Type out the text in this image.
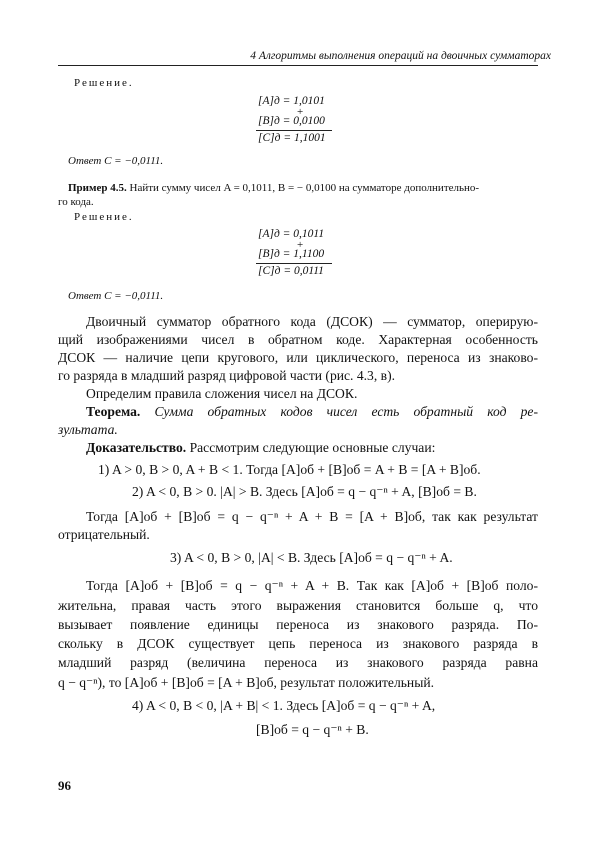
4 Алгоритмы выполнения операций на двоичных сумматорах
Решение.
[A]д = 1,0101
+
[B]д = 0,0100
[C]д = 1,1001
Ответ C = −0,0111.
Пример 4.5. Найти сумму чисел A = 0,1011, B = − 0,0100 на сумматоре дополнительно-
го кода.
Решение.
[A]д = 0,1011
+
[B]д = 1,1100
[C]д = 0,0111
Ответ C = −0,0111.
Двоичный сумматор обратного кода (ДСОК) — сумматор, оперирую-
щий изображениями чисел в обратном коде. Характерная особенность
ДСОК — наличие цепи кругового, или циклического, переноса из знаково-
го разряда в младший разряд цифровой части (рис. 4.3, в).
Определим правила сложения чисел на ДСОК.
Теорема. Сумма обратных кодов чисел есть обратный код ре-
зультата.
Доказательство. Рассмотрим следующие основные случаи:
1) A > 0, B > 0, A + B < 1. Тогда [A]об + [B]об = A + B = [A + B]об.
2) A < 0, B > 0. |A| > B. Здесь [A]об = q − q⁻ⁿ + A, [B]об = B.
Тогда [A]об + [B]об = q − q⁻ⁿ + A + B = [A + B]об, так как результат
отрицательный.
3) A < 0, B > 0, |A| < B. Здесь [A]об = q − q⁻ⁿ + A.
Тогда [A]об + [B]об = q − q⁻ⁿ + A + B. Так как [A]об + [B]об поло-
жительна, правая часть этого выражения становится больше q, что
вызывает появление единицы переноса из знакового разряда. По-
скольку в ДСОК существует цепь переноса из знакового разряда в
младший разряд (величина переноса из знакового разряда равна
q − q⁻ⁿ), то [A]об + [B]об = [A + B]об, результат положительный.
4) A < 0, B < 0, |A + B| < 1. Здесь [A]об = q − q⁻ⁿ + A,
[B]об = q − q⁻ⁿ + B.
96
